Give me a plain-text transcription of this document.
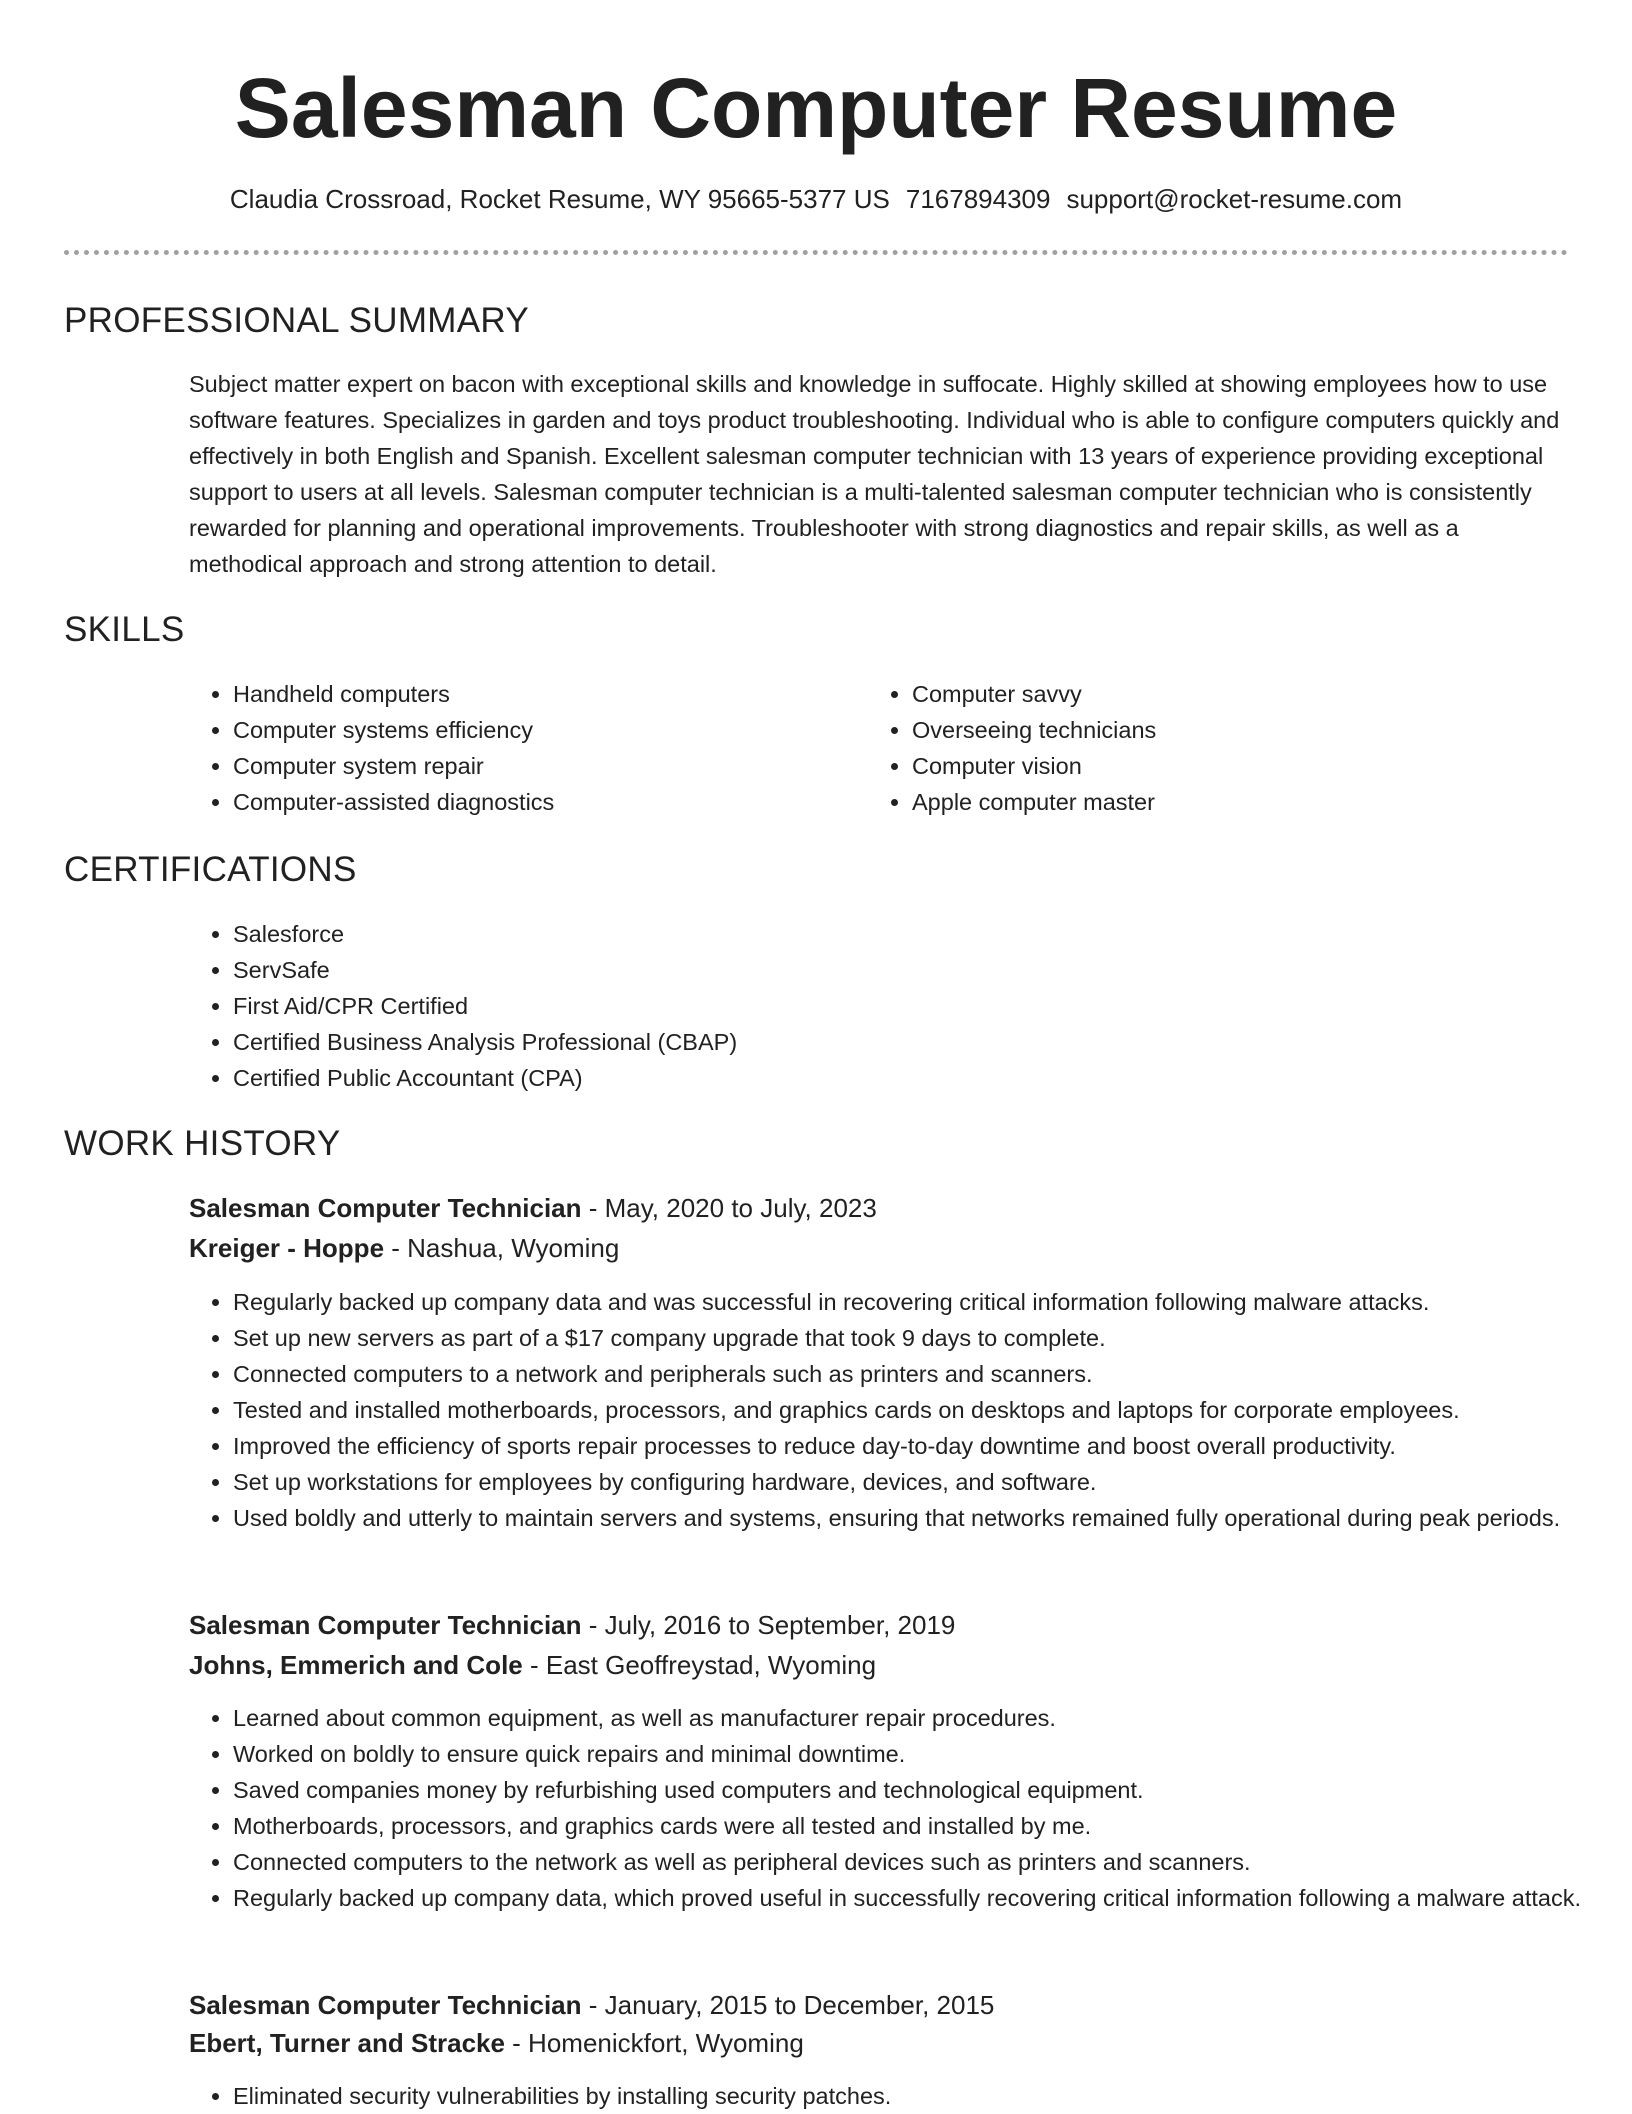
Salesman Computer Resume
Claudia Crossroad, Rocket Resume, WY 95665-5377 US 7167894309 support@rocket-resume.com
PROFESSIONAL SUMMARY

Subject matter expert on bacon with exceptional skills and knowledge in suffocate. Highly skilled at showing employees how to use software features. Specializes in garden and toys product troubleshooting. Individual who is able to configure computers quickly and effectively in both English and Spanish. Excellent salesman computer technician with 13 years of experience providing exceptional support to users at all levels. Salesman computer technician is a multi-talented salesman computer technician who is consistently rewarded for planning and operational improvements. Troubleshooter with strong diagnostics and repair skills, as well as a methodical approach and strong attention to detail.

SKILLS
• Handheld computers
• Computer systems efficiency
• Computer system repair
• Computer-assisted diagnostics
• Computer savvy
• Overseeing technicians
• Computer vision
• Apple computer master
CERTIFICATIONS
• Salesforce
• ServSafe
• First Aid/CPR Certified
• Certified Business Analysis Professional (CBAP)
• Certified Public Accountant (CPA)
WORK HISTORY
Salesman Computer Technician - May, 2020 to July, 2023
Kreiger - Hoppe - Nashua, Wyoming
• Regularly backed up company data and was successful in recovering critical information following malware attacks.
• Set up new servers as part of a $17 company upgrade that took 9 days to complete.
• Connected computers to a network and peripherals such as printers and scanners.
• Tested and installed motherboards, processors, and graphics cards on desktops and laptops for corporate employees.
• Improved the efficiency of sports repair processes to reduce day-to-day downtime and boost overall productivity.
• Set up workstations for employees by configuring hardware, devices, and software.
• Used boldly and utterly to maintain servers and systems, ensuring that networks remained fully operational during peak periods.
Salesman Computer Technician - July, 2016 to September, 2019
Johns, Emmerich and Cole - East Geoffreystad, Wyoming
• Learned about common equipment, as well as manufacturer repair procedures.
• Worked on boldly to ensure quick repairs and minimal downtime.
• Saved companies money by refurbishing used computers and technological equipment.
• Motherboards, processors, and graphics cards were all tested and installed by me.
• Connected computers to the network as well as peripheral devices such as printers and scanners.
• Regularly backed up company data, which proved useful in successfully recovering critical information following a malware attack.
Salesman Computer Technician - January, 2015 to December, 2015
Ebert, Turner and Stracke - Homenickfort, Wyoming
• Eliminated security vulnerabilities by installing security patches.
